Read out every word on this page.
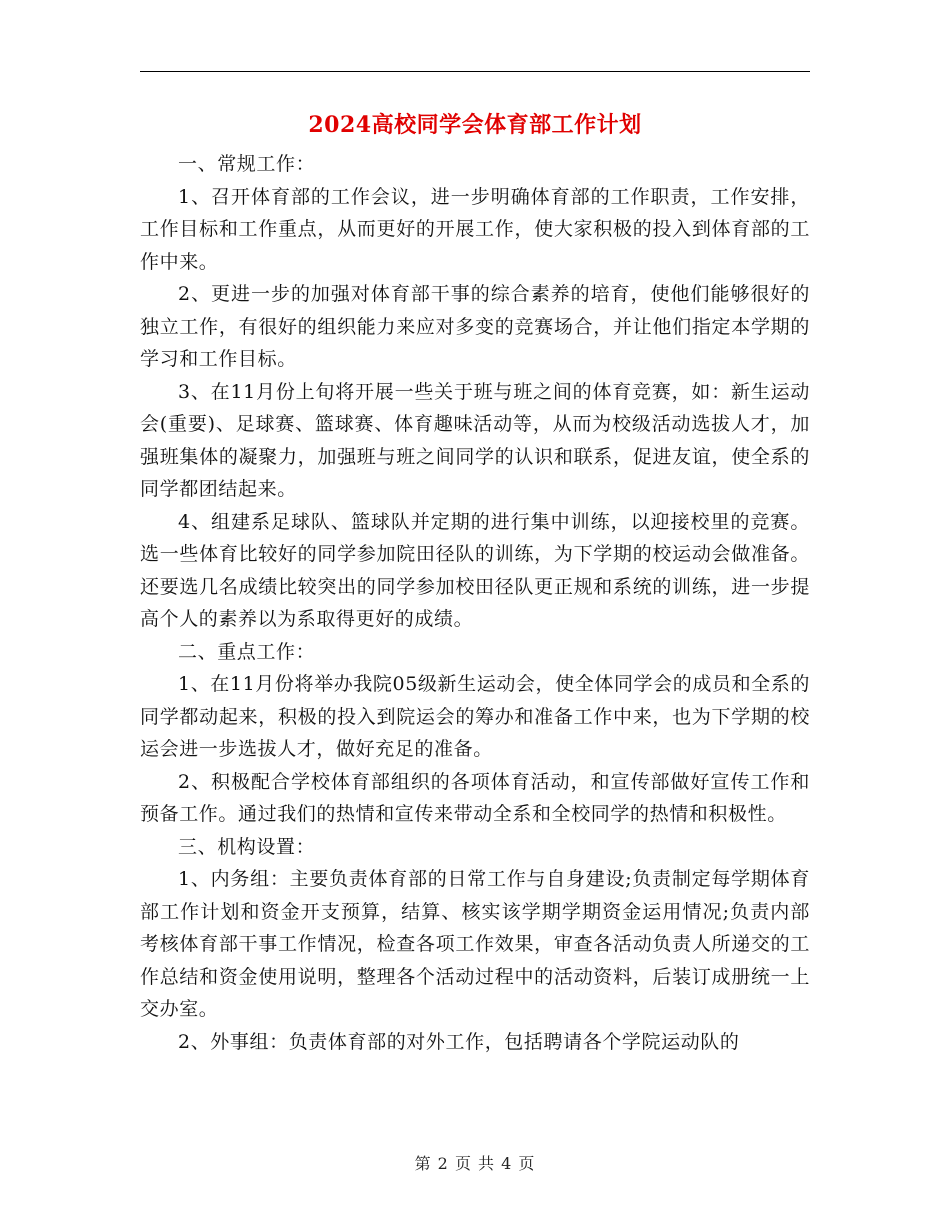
2024高校同学会体育部工作计划

一、常规工作：

1、召开体育部的工作会议，进一步明确体育部的工作职责，工作安排，工作目标和工作重点，从而更好的开展工作，使大家积极的投入到体育部的工作中来。

2、更进一步的加强对体育部干事的综合素养的培育，使他们能够很好的独立工作，有很好的组织能力来应对多变的竞赛场合，并让他们指定本学期的学习和工作目标。

3、在11月份上旬将开展一些关于班与班之间的体育竞赛，如：新生运动会(重要)、足球赛、篮球赛、体育趣味活动等，从而为校级活动选拔人才，加强班集体的凝聚力，加强班与班之间同学的认识和联系，促进友谊，使全系的同学都团结起来。

4、组建系足球队、篮球队并定期的进行集中训练，以迎接校里的竞赛。选一些体育比较好的同学参加院田径队的训练，为下学期的校运动会做准备。还要选几名成绩比较突出的同学参加校田径队更正规和系统的训练，进一步提高个人的素养以为系取得更好的成绩。

二、重点工作：

1、在11月份将举办我院05级新生运动会，使全体同学会的成员和全系的同学都动起来，积极的投入到院运会的筹办和准备工作中来，也为下学期的校运会进一步选拔人才，做好充足的准备。

2、积极配合学校体育部组织的各项体育活动，和宣传部做好宣传工作和预备工作。通过我们的热情和宣传来带动全系和全校同学的热情和积极性。

三、机构设置：

1、内务组：主要负责体育部的日常工作与自身建设;负责制定每学期体育部工作计划和资金开支预算，结算、核实该学期学期资金运用情况;负责内部考核体育部干事工作情况，检查各项工作效果，审查各活动负责人所递交的工作总结和资金使用说明，整理各个活动过程中的活动资料，后装订成册统一上交办室。

2、外事组：负责体育部的对外工作，包括聘请各个学院运动队的

第 2 页 共 4 页
